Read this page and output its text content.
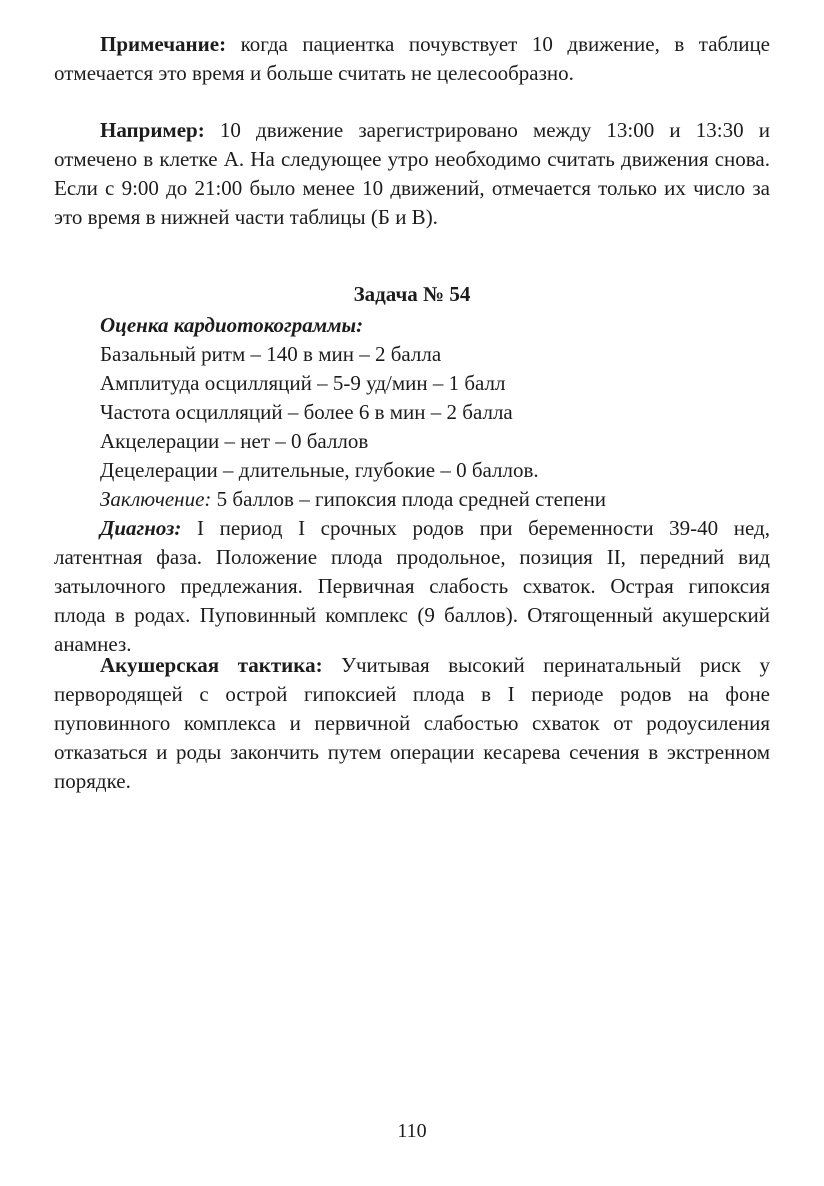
Примечание: когда пациентка почувствует 10 движение, в таблице отмечается это время и больше считать не целесообразно.

Например: 10 движение зарегистрировано между 13:00 и 13:30 и отмечено в клетке А. На следующее утро необходимо считать движения снова. Если с 9:00 до 21:00 было менее 10 движений, отмечается только их число за это время в нижней части таблицы (Б и В).

Задача № 54
Оценка кардиотокограммы:
Базальный ритм – 140 в мин – 2 балла
Амплитуда осцилляций – 5-9 уд/мин – 1 балл
Частота осцилляций – более 6 в мин – 2 балла
Акцелерации – нет – 0 баллов
Децелерации – длительные, глубокие – 0 баллов.
Заключение: 5 баллов – гипоксия плода средней степени

Диагноз: I период I срочных родов при беременности 39-40 нед, латентная фаза. Положение плода продольное, позиция II, передний вид затылочного предлежания. Первичная слабость схваток. Острая гипоксия плода в родах. Пуповинный комплекс (9 баллов). Отягощенный акушерский анамнез.

Акушерская тактика: Учитывая высокий перинатальный риск у первородящей с острой гипоксией плода в I периоде родов на фоне пуповинного комплекса и первичной слабостью схваток от родоусиления отказаться и роды закончить путем операции кесарева сечения в экстренном порядке.

110
